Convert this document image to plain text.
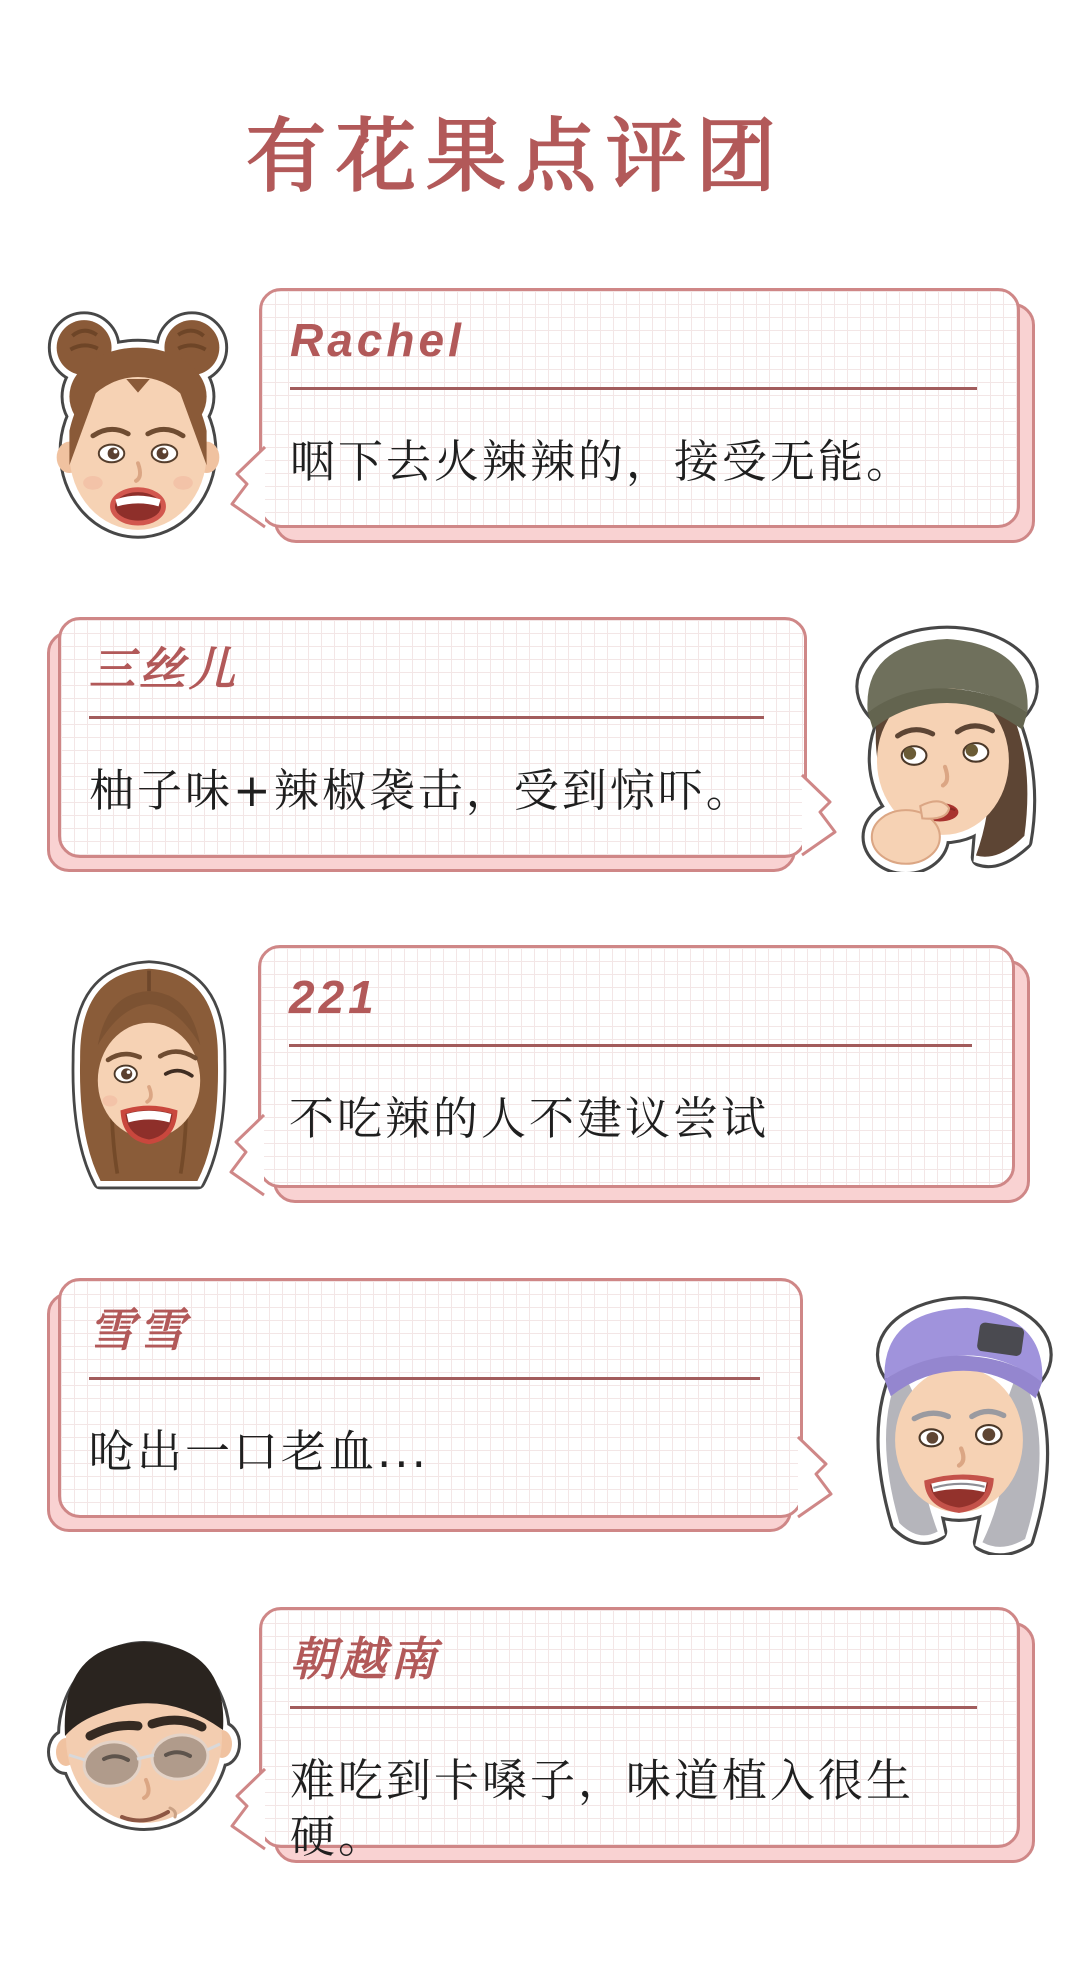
有花果点评团
Rachel
咽下去火辣辣的，接受无能。
三丝儿
柚子味+辣椒袭击，受到惊吓。
221
不吃辣的人不建议尝试
雪雪
呛出一口老血...
朝越南
难吃到卡嗓子，味道植入很生硬。
